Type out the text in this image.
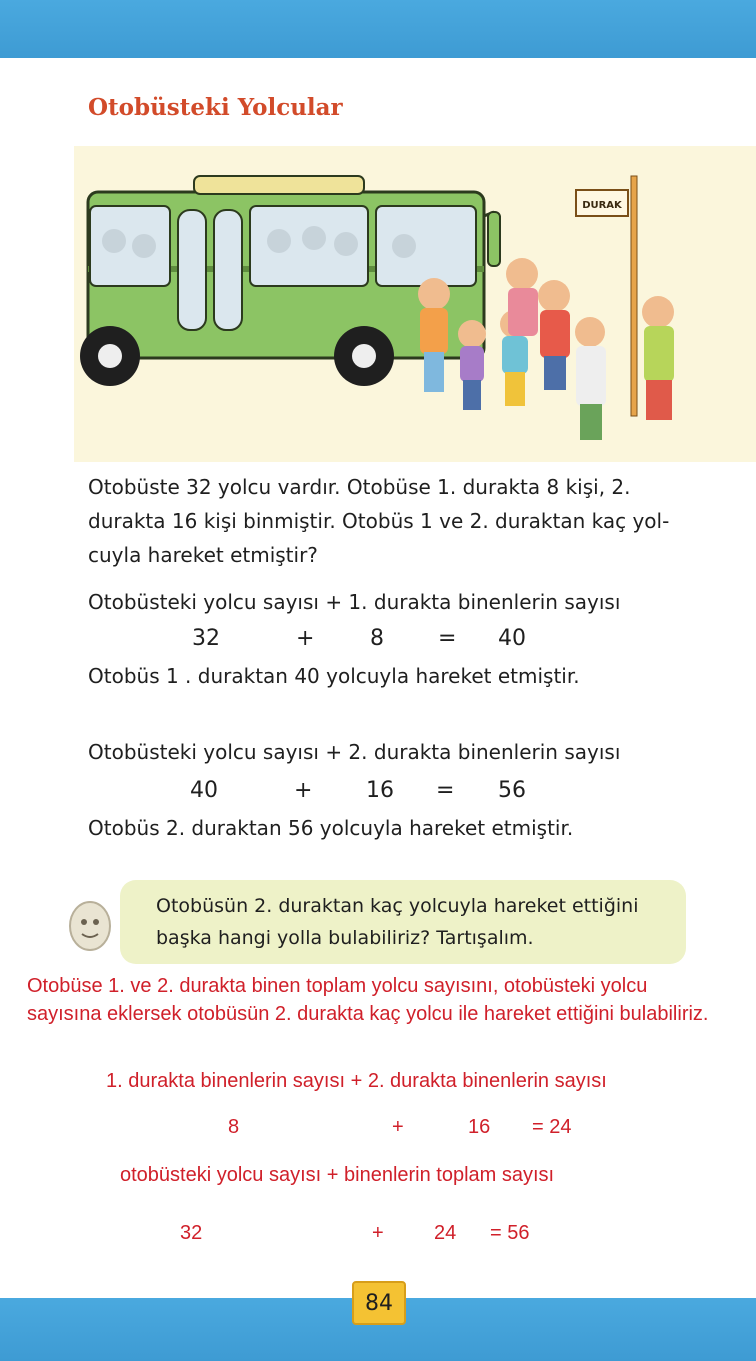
Otobüsteki Yolcular
DURAK
Otobüste 32 yolcu vardır. Otobüse 1. durakta 8 kişi, 2. durakta 16 kişi binmiştir. Otobüs 1 ve 2. duraktan kaç yolcuyla hareket etmiştir?
Otobüsteki yolcu sayısı + 1. durakta binenlerin sayısı
32	+	8 = 40
Otobüs 1 . duraktan 40 yolcuyla hareket etmiştir.
Otobüsteki yolcu sayısı + 2. durakta binenlerin sayısı
40	+ 16 = 56
Otobüs 2. duraktan 56 yolcuyla hareket etmiştir.
Otobüsün 2. duraktan kaç yolcuyla hareket ettiğini
başka hangi yolla bulabiliriz? Tartışalım.
Otobüse 1. ve 2. durakta binen toplam yolcu sayısını, otobüsteki yolcu sayısına eklersek otobüsün 2. durakta kaç yolcu ile hareket ettiğini bulabiliriz.
1. durakta binenlerin sayısı + 2. durakta binenlerin sayısı
8	+	16 = 24
otobüsteki yolcu sayısı + binenlerin toplam sayısı
32	+	24 = 56
84
